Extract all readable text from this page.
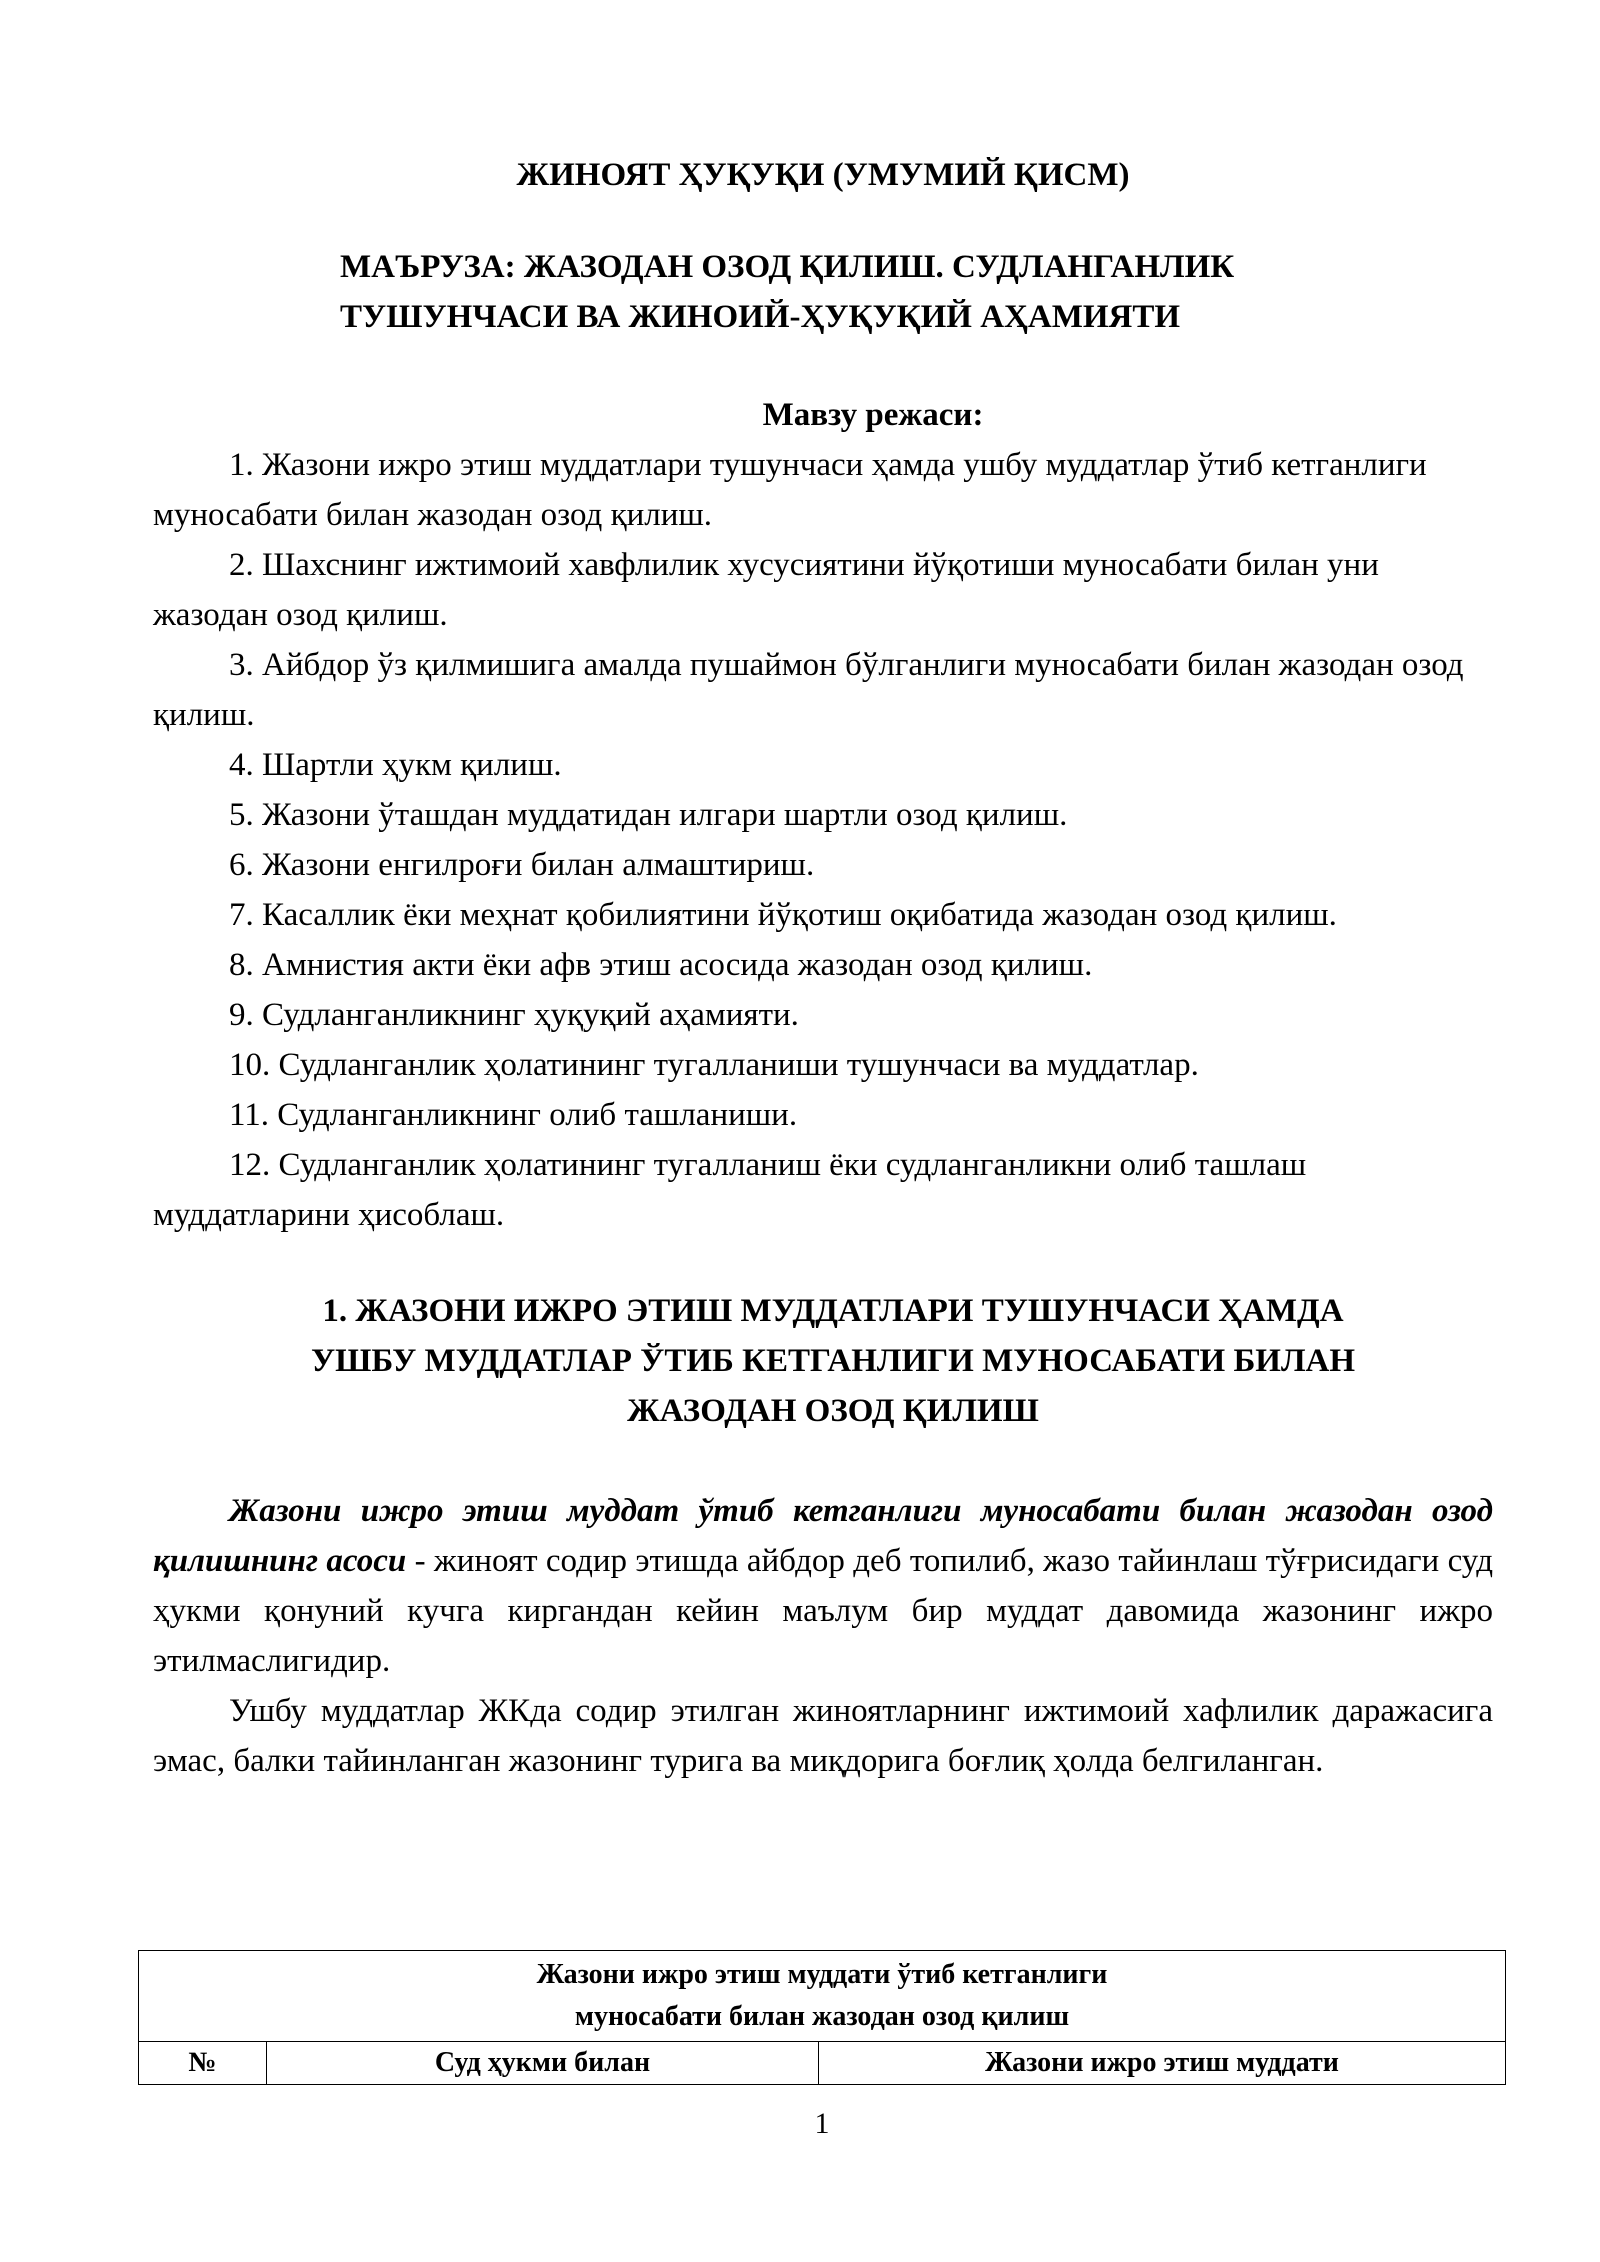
ЖИНОЯТ ҲУҚУҚИ (УМУМИЙ ҚИСМ)

МАЪРУЗА: ЖАЗОДАН ОЗОД ҚИЛИШ. СУДЛАНГАНЛИК
ТУШУНЧАСИ ВА ЖИНОИЙ-ҲУҚУҚИЙ АҲАМИЯТИ

Мавзу режаси:

1. Жазони ижро этиш муддатлари тушунчаси ҳамда ушбу муддатлар ўтиб кетганлиги муносабати билан жазодан озод қилиш.
2. Шахснинг ижтимоий хавфлилик хусусиятини йўқотиши муносабати билан уни жазодан озод қилиш.
3. Айбдор ўз қилмишига амалда пушаймон бўлганлиги муносабати билан жазодан озод қилиш.
4. Шартли ҳукм қилиш.
5. Жазони ўташдан муддатидан илгари шартли озод қилиш.
6. Жазони енгилроғи билан алмаштириш.
7. Касаллик ёки меҳнат қобилиятини йўқотиш оқибатида жазодан озод қилиш.
8. Амнистия акти ёки афв этиш асосида жазодан озод қилиш.
9. Судланганликнинг ҳуқуқий аҳамияти.
10. Судланганлик ҳолатининг тугалланиши тушунчаси ва муддатлар.
11. Судланганликнинг олиб ташланиши.
12. Судланганлик ҳолатининг тугалланиш ёки судланганликни олиб ташлаш муддатларини ҳисоблаш.

1. ЖАЗОНИ ИЖРО ЭТИШ МУДДАТЛАРИ ТУШУНЧАСИ ҲАМДА
УШБУ МУДДАТЛАР ЎТИБ КЕТГАНЛИГИ МУНОСАБАТИ БИЛАН
ЖАЗОДАН ОЗОД ҚИЛИШ

Жазони ижро этиш муддат ўтиб кетганлиги муносабати билан жазодан озод қилишнинг асоси - жиноят содир этишда айбдор деб топилиб, жазо тайинлаш тўғрисидаги суд ҳукми қонуний кучга киргандан кейин маълум бир муддат давомида жазонинг ижро этилмаслигидир.

Ушбу муддатлар ЖКда содир этилган жиноятларнинг ижтимоий хафлилик даражасига эмас, балки тайинланган жазонинг турига ва миқдорига боғлиқ ҳолда белгиланган.

Жазони ижро этиш муддати ўтиб кетганлиги
муносабати билан жазодан озод қилиш
№	Суд ҳукми билан	Жазони ижро этиш муддати
1
